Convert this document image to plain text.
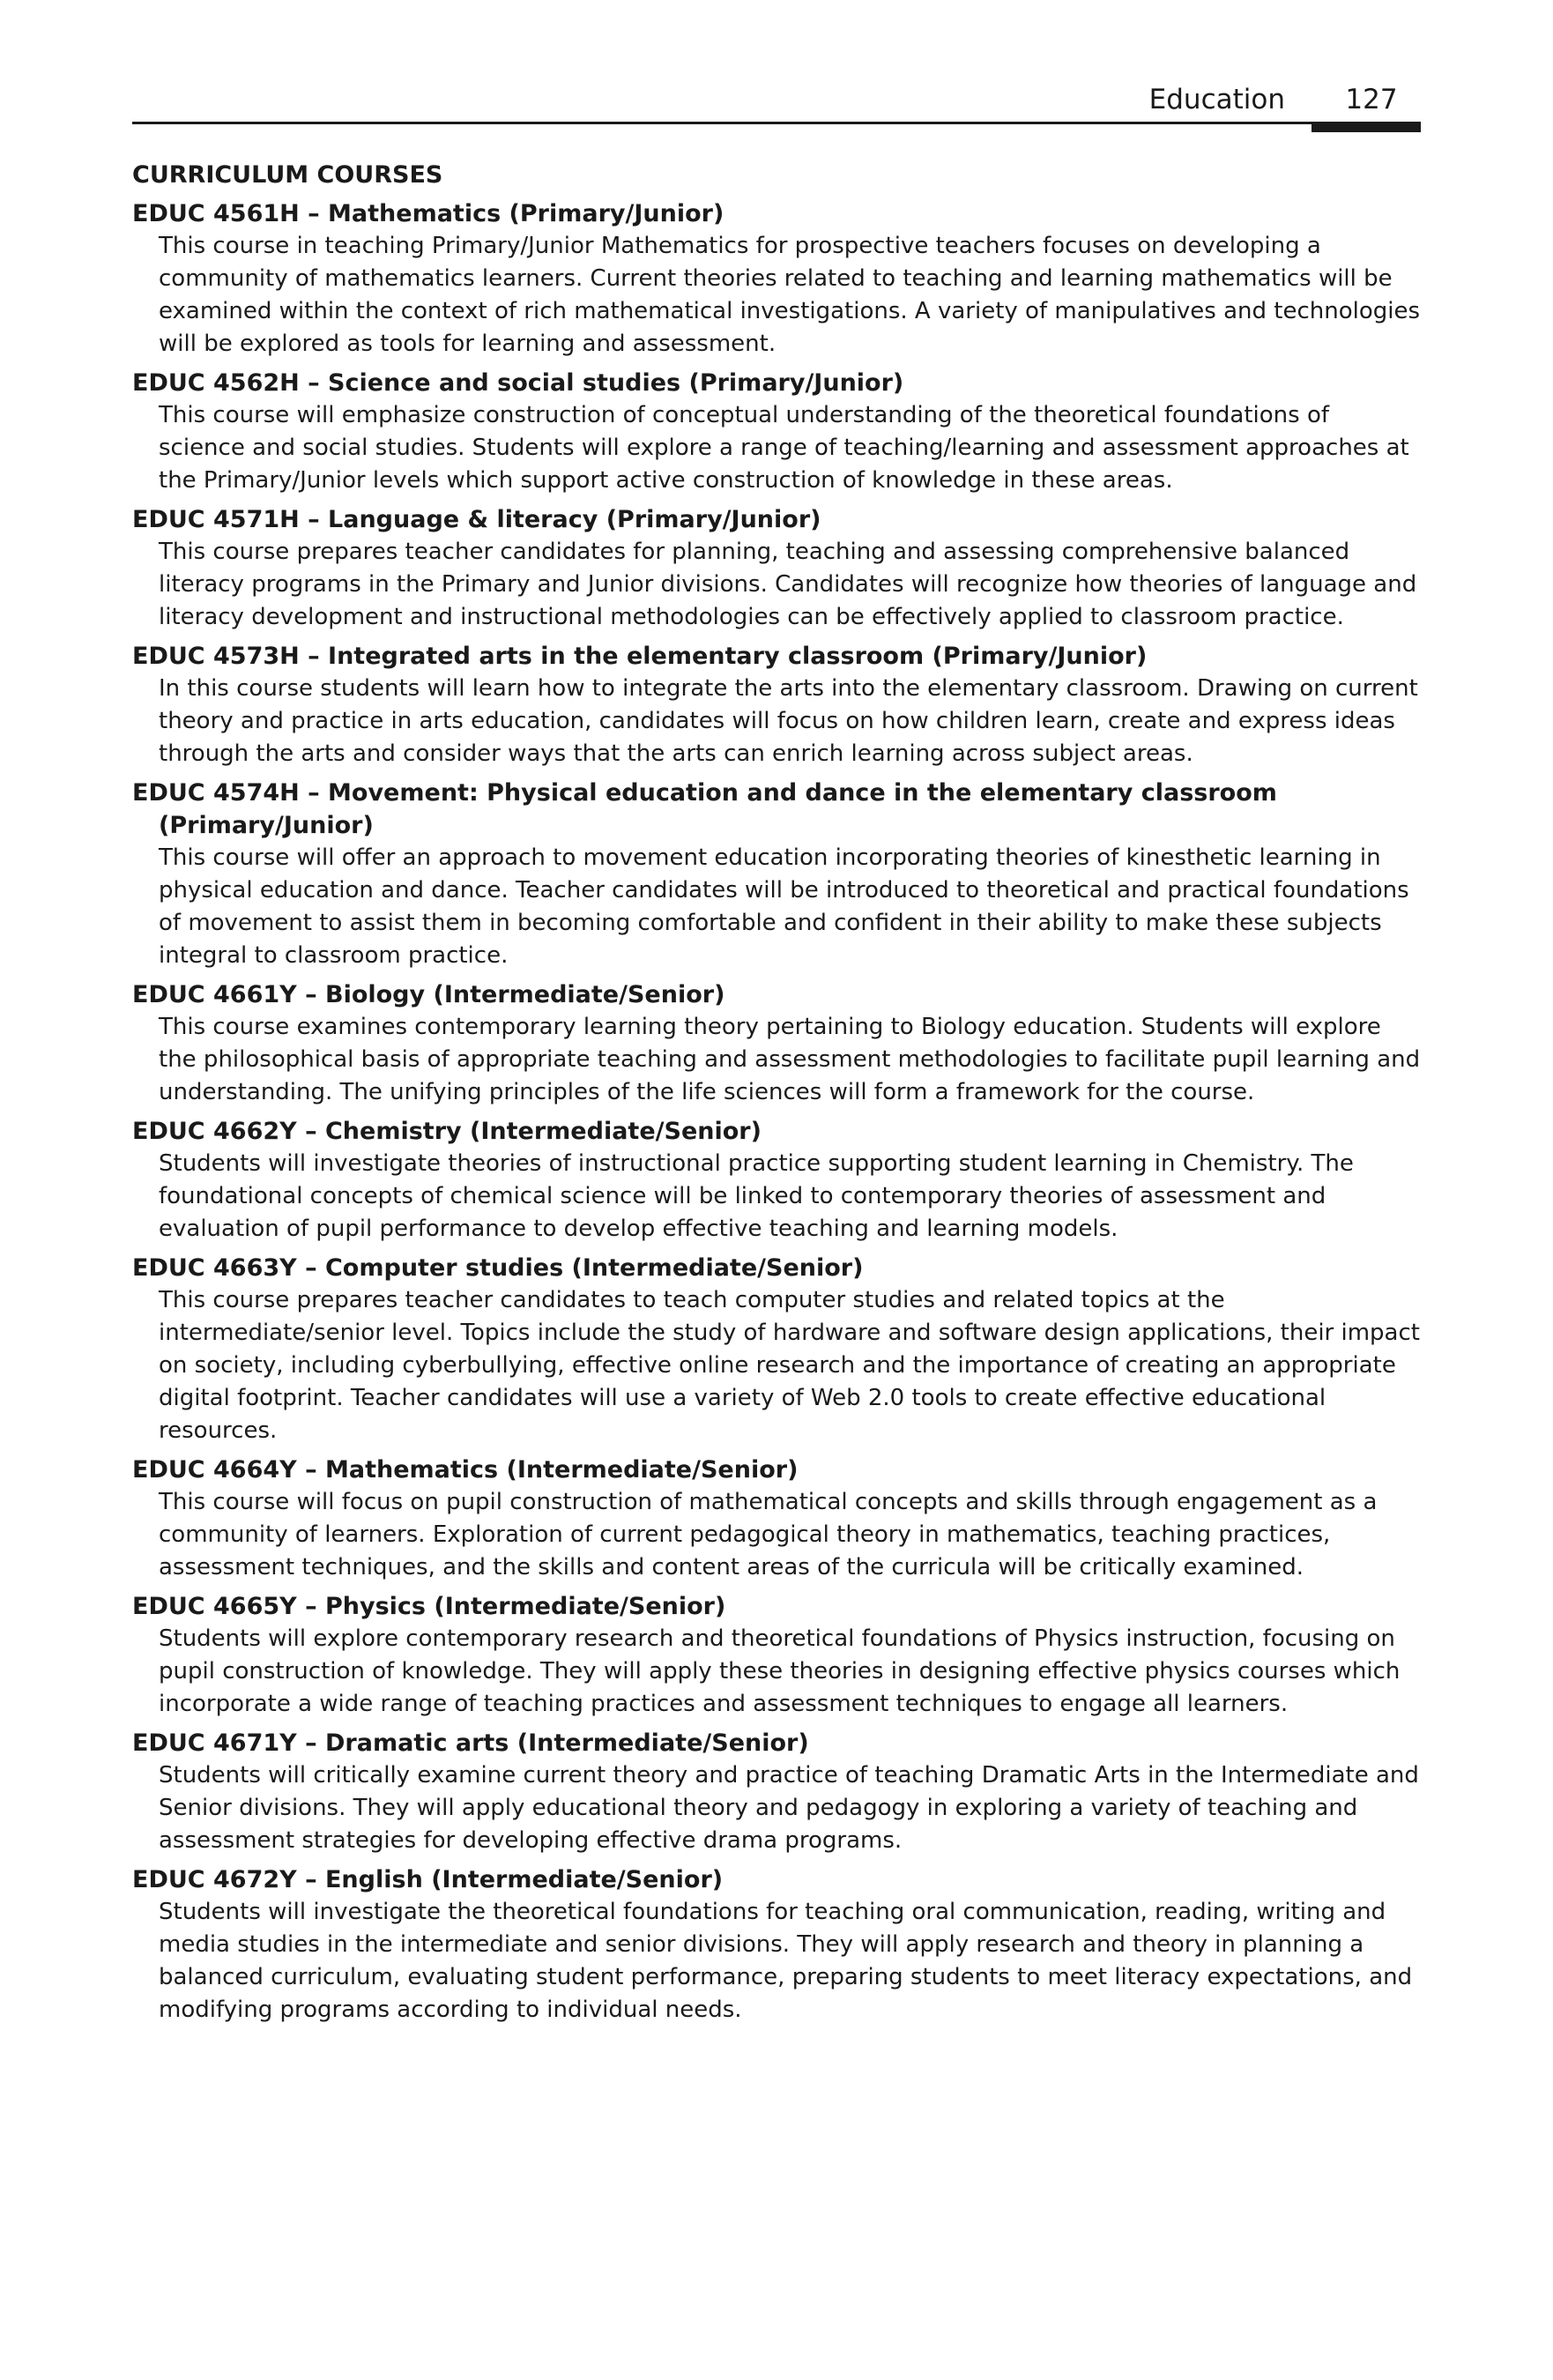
Education	127
CURRICULUM COURSES
EDUC 4561H – Mathematics (Primary/Junior)

This course in teaching Primary/Junior Mathematics for prospective teachers focuses on developing a community of mathematics learners. Current theories related to teaching and learning mathematics will be examined within the context of rich mathematical investigations. A variety of manipulatives and technologies will be explored as tools for learning and assessment.

EDUC 4562H – Science and social studies (Primary/Junior)

This course will emphasize construction of conceptual understanding of the theoretical foundations of science and social studies. Students will explore a range of teaching/learning and assessment approaches at the Primary/Junior levels which support active construction of knowledge in these areas.

EDUC 4571H – Language & literacy (Primary/Junior)

This course prepares teacher candidates for planning, teaching and assessing comprehensive balanced literacy programs in the Primary and Junior divisions. Candidates will recognize how theories of language and literacy development and instructional methodologies can be effectively applied to classroom practice.

EDUC 4573H – Integrated arts in the elementary classroom (Primary/Junior)

In this course students will learn how to integrate the arts into the elementary classroom. Drawing on current theory and practice in arts education, candidates will focus on how children learn, create and express ideas through the arts and consider ways that the arts can enrich learning across subject areas.

EDUC 4574H – Movement: Physical education and dance in the elementary classroom (Primary/Junior)

This course will offer an approach to movement education incorporating theories of kinesthetic learning in physical education and dance. Teacher candidates will be introduced to theoretical and practical foundations of movement to assist them in becoming comfortable and confident in their ability to make these subjects integral to classroom practice.

EDUC 4661Y – Biology (Intermediate/Senior)

This course examines contemporary learning theory pertaining to Biology education. Students will explore the philosophical basis of appropriate teaching and assessment methodologies to facilitate pupil learning and understanding. The unifying principles of the life sciences will form a framework for the course.

EDUC 4662Y – Chemistry (Intermediate/Senior)

Students will investigate theories of instructional practice supporting student learning in Chemistry. The foundational concepts of chemical science will be linked to contemporary theories of assessment and evaluation of pupil performance to develop effective teaching and learning models.

EDUC 4663Y – Computer studies (Intermediate/Senior)

This course prepares teacher candidates to teach computer studies and related topics at the intermediate/senior level. Topics include the study of hardware and software design applications, their impact on society, including cyberbullying, effective online research and the importance of creating an appropriate digital footprint. Teacher candidates will use a variety of Web 2.0 tools to create effective educational resources.

EDUC 4664Y – Mathematics (Intermediate/Senior)

This course will focus on pupil construction of mathematical concepts and skills through engagement as a community of learners. Exploration of current pedagogical theory in mathematics, teaching practices, assessment techniques, and the skills and content areas of the curricula will be critically examined.

EDUC 4665Y – Physics (Intermediate/Senior)

Students will explore contemporary research and theoretical foundations of Physics instruction, focusing on pupil construction of knowledge. They will apply these theories in designing effective physics courses which incorporate a wide range of teaching practices and assessment techniques to engage all learners.

EDUC 4671Y – Dramatic arts (Intermediate/Senior)

Students will critically examine current theory and practice of teaching Dramatic Arts in the Intermediate and Senior divisions. They will apply educational theory and pedagogy in exploring a variety of teaching and assessment strategies for developing effective drama programs.

EDUC 4672Y – English (Intermediate/Senior)

Students will investigate the theoretical foundations for teaching oral communication, reading, writing and media studies in the intermediate and senior divisions. They will apply research and theory in planning a balanced curriculum, evaluating student performance, preparing students to meet literacy expectations, and modifying programs according to individual needs.
